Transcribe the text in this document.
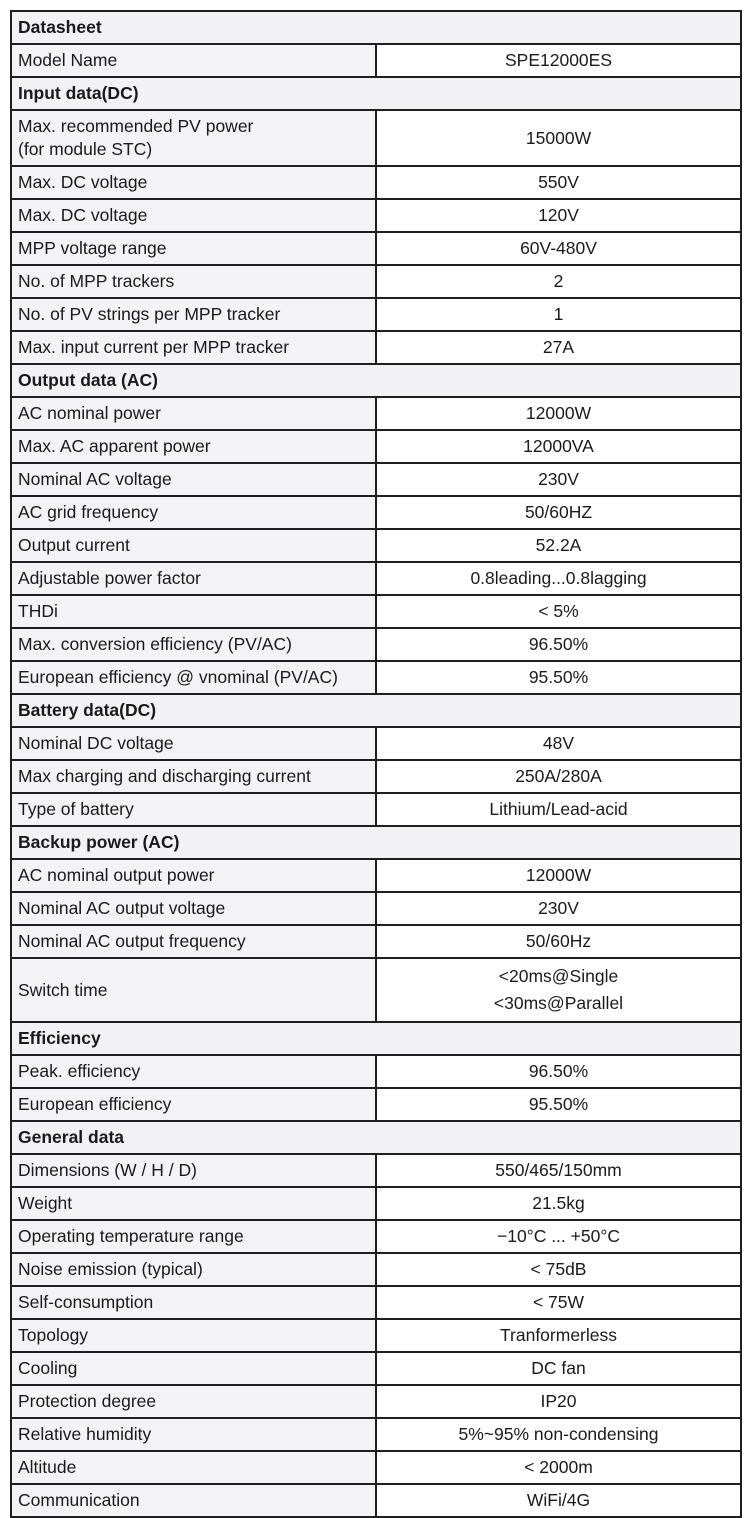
Datasheet	
Model Name	SPE12000ES
Input data(DC)	

Max. recommended PV power
(for module STC)	15000W
Max. DC voltage	550V
Max. DC voltage	120V
MPP voltage range	60V-480V
No. of MPP trackers	2
No. of PV strings per MPP tracker	1
Max. input current per MPP tracker	27A
Output data (AC)	
AC nominal power	12000W
Max. AC apparent power	12000VA
Nominal AC voltage	230V
AC grid frequency	50/60HZ
Output current	52.2A
Adjustable power factor	0.8leading...0.8lagging
THDi	< 5%
Max. conversion efficiency (PV/AC)	96.50%
European efficiency @ vnominal (PV/AC)	95.50%
Battery data(DC)	
Nominal DC voltage	48V
Max charging and discharging current	250A/280A
Type of battery	Lithium/Lead-acid
Backup power (AC)	
AC nominal output power	12000W
Nominal AC output voltage	230V
Nominal AC output frequency	50/60Hz
Switch time	<20ms@Single
<30ms@Parallel

Efficiency	
Peak. efficiency	96.50%
European efficiency	95.50%
General data	
Dimensions (W / H / D)	550/465/150mm
Weight	21.5kg
Operating temperature range	−10°C ... +50°C
Noise emission (typical)	< 75dB
Self-consumption	< 75W
Topology	Tranformerless
Cooling	DC fan
Protection degree	IP20
Relative humidity	5%~95% non-condensing
Altitude	< 2000m
Communication	WiFi/4G
